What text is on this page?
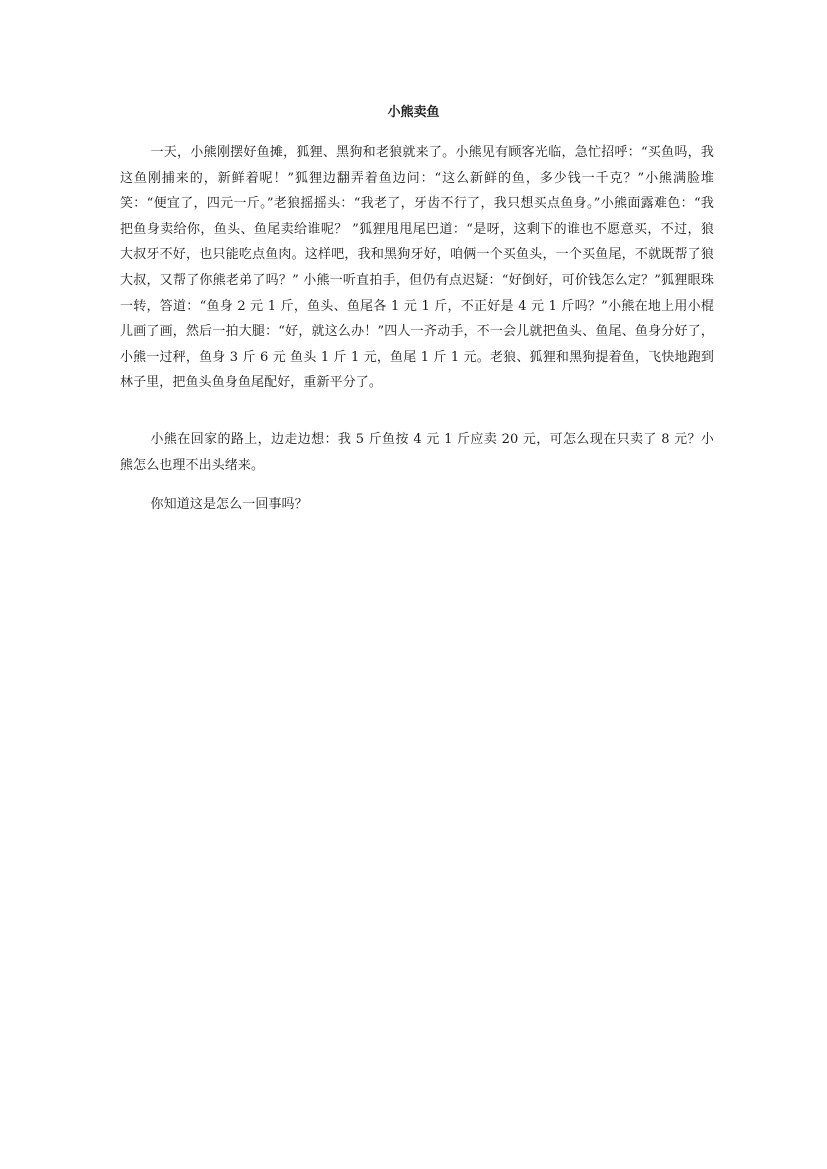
小熊卖鱼

一天，小熊刚摆好鱼摊，狐狸、黑狗和老狼就来了。小熊见有顾客光临，急忙招呼：“买鱼吗，我这鱼刚捕来的，新鲜着呢！”狐狸边翻弄着鱼边问：“这么新鲜的鱼，多少钱一千克？”小熊满脸堆笑：“便宜了，四元一斤。”老狼摇摇头：“我老了，牙齿不行了，我只想买点鱼身。”小熊面露难色：“我把鱼身卖给你，鱼头、鱼尾卖给谁呢？ ”狐狸甩甩尾巴道：“是呀，这剩下的谁也不愿意买，不过，狼大叔牙不好，也只能吃点鱼肉。这样吧，我和黑狗牙好，咱俩一个买鱼头，一个买鱼尾，不就既帮了狼大叔，又帮了你熊老弟了吗？” 小熊一听直拍手，但仍有点迟疑：“好倒好，可价钱怎么定？”狐狸眼珠一转，答道：“鱼身 2 元 1 斤，鱼头、鱼尾各 1 元 1 斤，不正好是 4 元 1 斤吗？”小熊在地上用小棍儿画了画，然后一拍大腿：“好，就这么办！”四人一齐动手，不一会儿就把鱼头、鱼尾、鱼身分好了，小熊一过秤，鱼身 3 斤 6 元 鱼头 1 斤 1 元，鱼尾 1 斤 1 元。老狼、狐狸和黑狗提着鱼，飞快地跑到林子里，把鱼头鱼身鱼尾配好，重新平分了。

小熊在回家的路上，边走边想：我 5 斤鱼按 4 元 1 斤应卖 20 元，可怎么现在只卖了 8 元？小熊怎么也理不出头绪来。

你知道这是怎么一回事吗？
